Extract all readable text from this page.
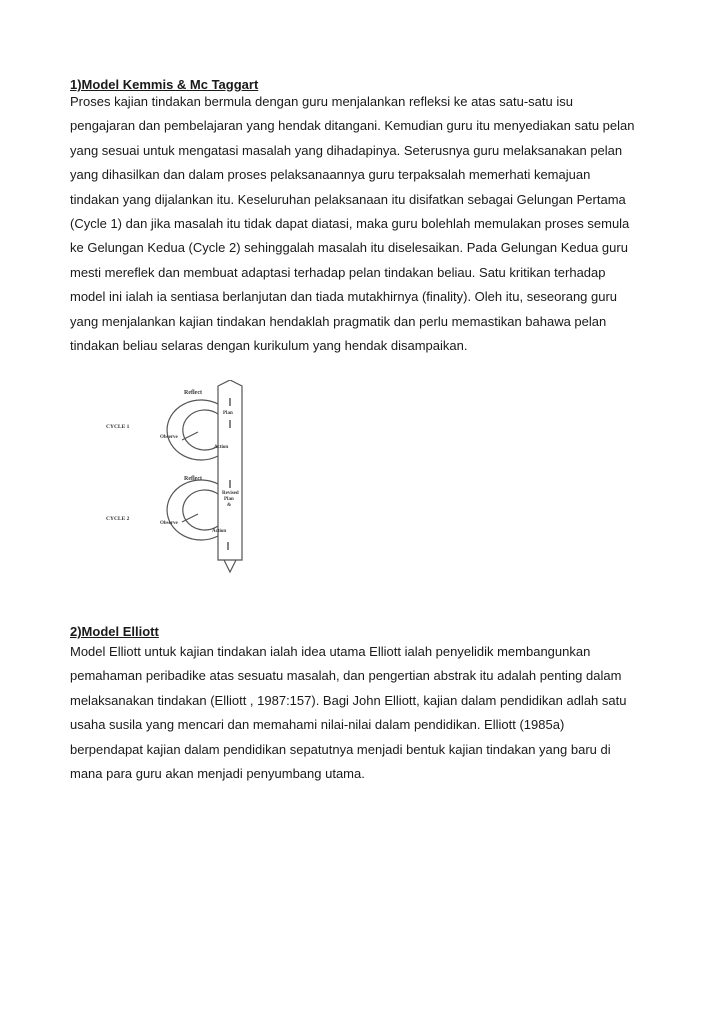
1)Model Kemmis & Mc Taggart
Proses kajian tindakan bermula dengan guru menjalankan refleksi ke atas satu-satu isu
pengajaran dan pembelajaran yang hendak ditangani. Kemudian guru itu menyediakan satu pelan
yang sesuai untuk mengatasi masalah yang dihadapinya. Seterusnya guru melaksanakan pelan
yang dihasilkan dan dalam proses pelaksanaannya guru terpaksalah memerhati kemajuan
tindakan yang dijalankan itu. Keseluruhan pelaksanaan itu disifatkan sebagai Gelungan Pertama
(Cycle 1) dan jika masalah itu tidak dapat diatasi, maka guru bolehlah memulakan proses semula
ke Gelungan Kedua (Cycle 2) sehinggalah masalah itu diselesaikan. Pada Gelungan Kedua guru
mesti mereflek dan membuat adaptasi terhadap pelan tindakan beliau. Satu kritikan terhadap
model ini ialah ia sentiasa berlanjutan dan tiada mutakhirnya (finality). Oleh itu, seseorang guru
yang menjalankan kajian tindakan hendaklah pragmatik dan perlu memastikan bahawa pelan
tindakan beliau selaras dengan kurikulum yang hendak disampaikan.
Reflect
Plan
CYCLE 1
Observe
Action
Reflect
Revised
Plan
&
CYCLE 2
Observe
Action
2)Model Elliott
Model Elliott untuk kajian tindakan ialah idea utama Elliott ialah penyelidik membangunkan
pemahaman peribadike atas sesuatu masalah, dan pengertian abstrak itu adalah penting dalam
melaksanakan tindakan (Elliott , 1987:157). Bagi John Elliott, kajian dalam pendidikan adlah satu
usaha susila yang mencari dan memahami nilai-nilai dalam pendidikan. Elliott (1985a)
berpendapat kajian dalam pendidikan sepatutnya menjadi bentuk kajian tindakan yang baru di
mana para guru akan menjadi penyumbang utama.
